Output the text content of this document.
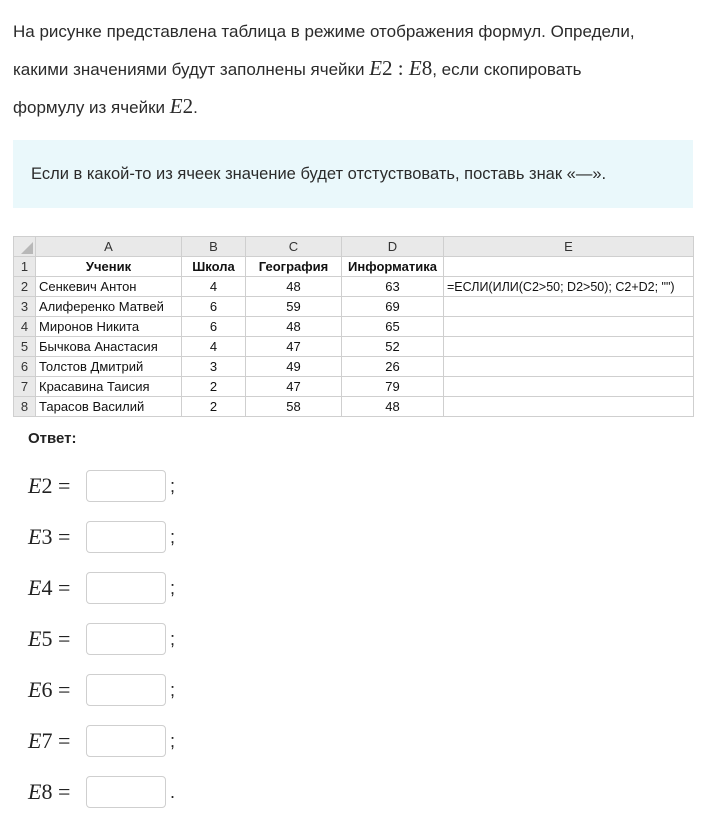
На рисунке представлена таблица в режиме отображения формул. Определи,
какими значениями будут заполнены ячейки E2 : E8, если скопировать
формулу из ячейки E2.
Если в какой-то из ячеек значение будет отстуствовать, поставь знак «—».
	A	B	C	D	E
1	Ученик	Школа	География	Информатика	
2	Сенкевич Антон	4	48	63	=ЕСЛИ(ИЛИ(C2>50; D2>50); C2+D2; "")
3	Алиференко Матвей	6	59	69	
4	Миронов Никита	6	48	65	
5	Бычкова Анастасия	4	47	52	
6	Толстов Дмитрий	3	49	26	
7	Красавина Таисия	2	47	79	
8	Тарасов Василий	2	58	48	
Ответ:
E2 =	;
E3 =	;
E4 =	;
E5 =	;
E6 =	;
E7 =	;
E8 =	.
